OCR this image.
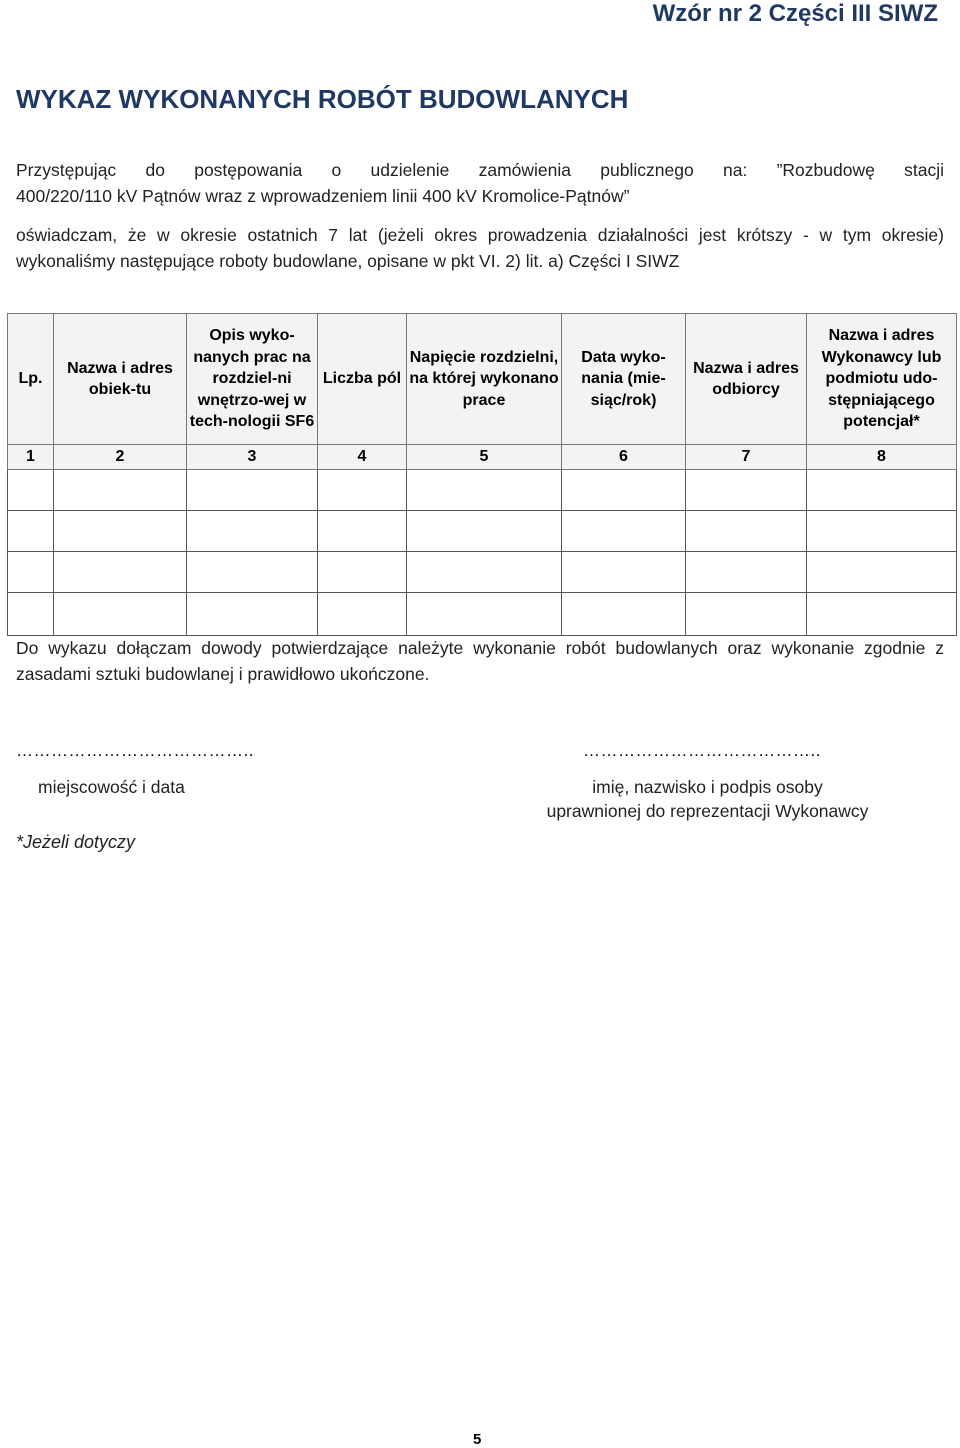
Wzór nr 2 Części III SIWZ
WYKAZ WYKONANYCH ROBÓT BUDOWLANYCH
Przystępując do postępowania o udzielenie zamówienia publicznego na: ”Rozbudowę stacji
400/220/110 kV Pątnów wraz z wprowadzeniem linii 400 kV Kromolice-Pątnów”
oświadczam, że w okresie ostatnich 7 lat (jeżeli okres prowadzenia działalności jest krótszy - w tym okresie) wykonaliśmy następujące roboty budowlane, opisane w pkt VI. 2) lit. a) Części I SIWZ
Lp.	Nazwa i adres obiek-tu	Opis wyko-nanych prac na rozdziel-ni wnętrzo-wej w tech-nologii SF6	Liczba pól	Napięcie rozdzielni, na której wykonano prace	Data wyko-nania (mie-siąc/rok)	Nazwa i adres odbiorcy	Nazwa i adres Wykonawcy lub podmiotu udo-stępniającego potencjał*
1	2	3	4	5	6	7	8

Do wykazu dołączam dowody potwierdzające należyte wykonanie robót budowlanych oraz wykonanie zgodnie z zasadami sztuki budowlanej i prawidłowo ukończone.
…………………………………..	…………………………………..
miejscowość i data	imię, nazwisko i podpis osoby
uprawnionej do reprezentacji Wykonawcy
*Jeżeli dotyczy
5
